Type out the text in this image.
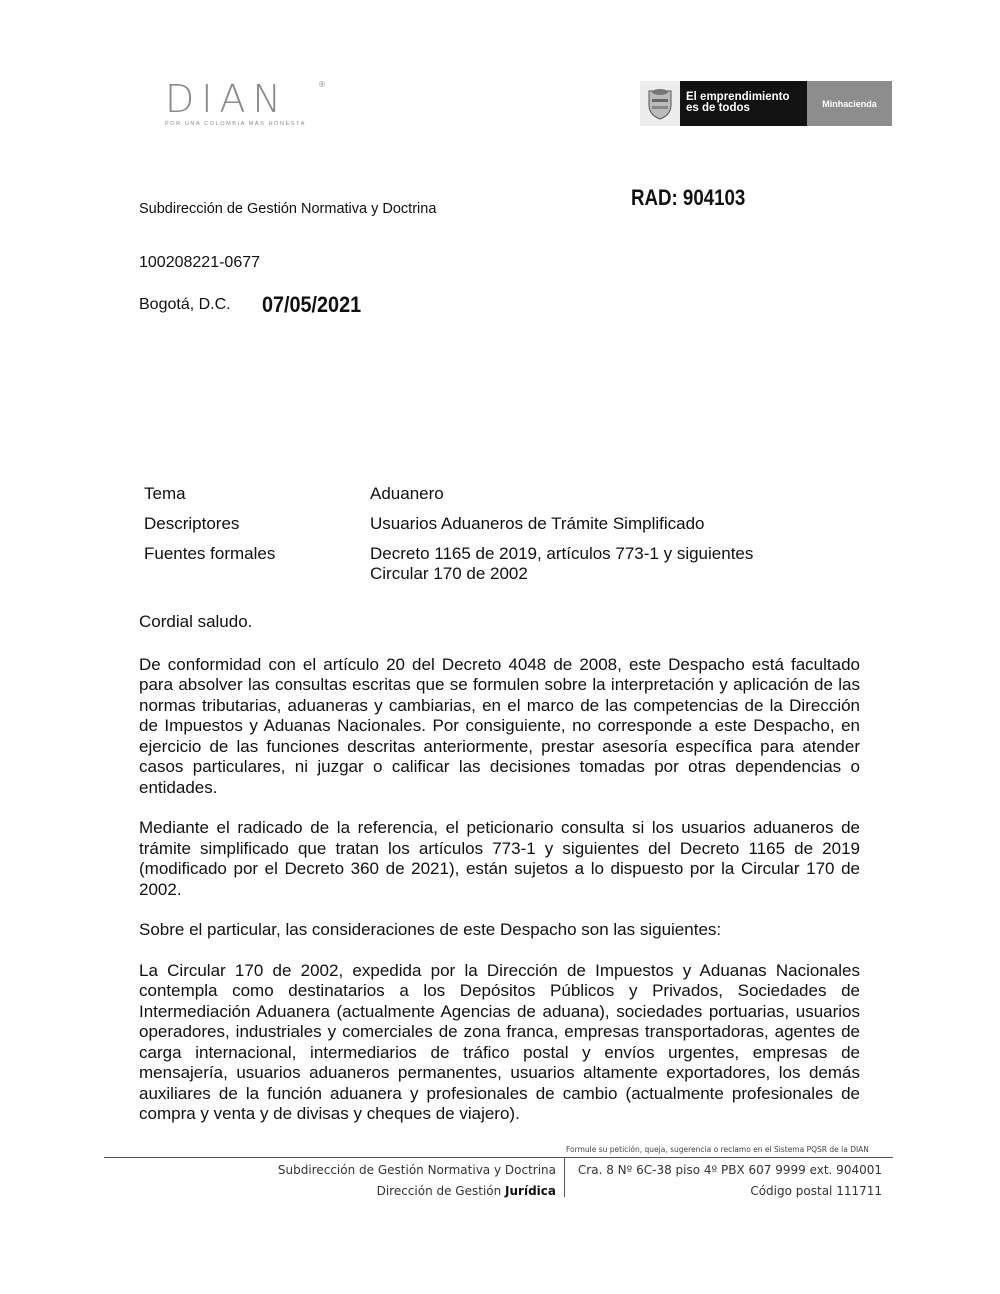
DIAN	®
POR UNA COLOMBIA MÁS HONESTA
El emprendimiento
es de todos	Minhacienda
Subdirección de Gestión Normativa y Doctrina	RAD: 904103
100208221-0677
Bogotá, D.C. 07/05/2021
Tema	Aduanero
Descriptores	Usuarios Aduaneros de Trámite Simplificado
Fuentes formales	Decreto 1165 de 2019, artículos 773-1 y siguientes
Circular 170 de 2002

Cordial saludo.

De conformidad con el artículo 20 del Decreto 4048 de 2008, este Despacho está facultado para absolver las consultas escritas que se formulen sobre la interpretación y aplicación de las normas tributarias, aduaneras y cambiarias, en el marco de las competencias de la Dirección de Impuestos y Aduanas Nacionales. Por consiguiente, no corresponde a este Despacho, en ejercicio de las funciones descritas anteriormente, prestar asesoría específica para atender casos particulares, ni juzgar o calificar las decisiones tomadas por otras dependencias o entidades.

Mediante el radicado de la referencia, el peticionario consulta si los usuarios aduaneros de trámite simplificado que tratan los artículos 773-1 y siguientes del Decreto 1165 de 2019 (modificado por el Decreto 360 de 2021), están sujetos a lo dispuesto por la Circular 170 de 2002.

Sobre el particular, las consideraciones de este Despacho son las siguientes:

La Circular 170 de 2002, expedida por la Dirección de Impuestos y Aduanas Nacionales contempla como destinatarios a los Depósitos Públicos y Privados, Sociedades de Intermediación Aduanera (actualmente Agencias de aduana), sociedades portuarias, usuarios operadores, industriales y comerciales de zona franca, empresas transportadoras, agentes de carga internacional, intermediarios de tráfico postal y envíos urgentes, empresas de mensajería, usuarios aduaneros permanentes, usuarios altamente exportadores, los demás auxiliares de la función aduanera y profesionales de cambio (actualmente profesionales de compra y venta y de divisas y cheques de viajero).

Formule su petición, queja, sugerencia o reclamo en el Sistema PQSR de la DIAN
Subdirección de Gestión Normativa y Doctrina
Dirección de Gestión Jurídica
Cra. 8 Nº 6C-38 piso 4º PBX 607 9999 ext. 904001
Código postal 111711
